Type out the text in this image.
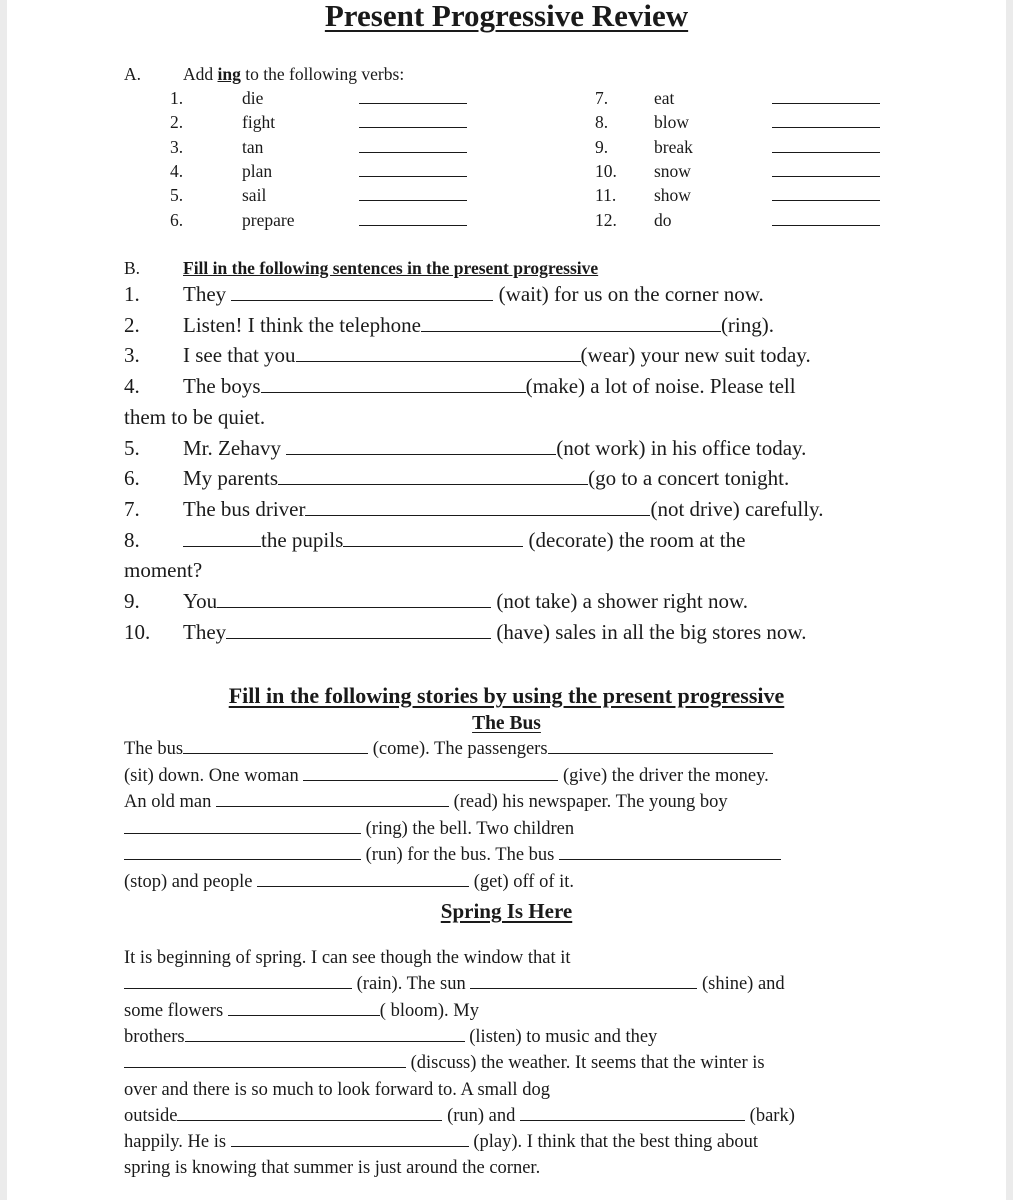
Present Progressive Review
A. Add ing to the following verbs:
1.	die
2.	fight
3.	tan
4.	plan
5.	sail
6.	prepare
7.	eat
8.	blow
9.	break
10. snow
11. show
12. do
B. Fill in the following sentences in the present progressive
1. They	(wait) for us on the corner now.
2. Listen! I think the telephone	(ring).
3. I see that you	(wear) your new suit today.
4. The boys	(make) a lot of noise. Please tell
them to be quiet.
5. Mr. Zehavy	(not work) in his office today.
6. My parents	(go to a concert tonight.
7. The bus driver	(not drive) carefully.
8.	the pupils	(decorate) the room at the
moment?
9. You	(not take) a shower right now.
10. They	(have) sales in all the big stores now.
Fill in the following stories by using the present progressive
The Bus
The bus	(come). The passengers
(sit) down. One woman	(give) the driver the money.
An old man	(read) his newspaper. The young boy
(ring) the bell. Two children
(run) for the bus. The bus
(stop) and people	(get) off of it.
Spring Is Here
It is beginning of spring. I can see though the window that it
(rain). The sun	(shine) and
some flowers	( bloom). My
brothers	(listen) to music and they
(discuss) the weather. It seems that the winter is
over and there is so much to look forward to. A small dog
outside	(run) and	(bark)
happily. He is	(play). I think that the best thing about
spring is knowing that summer is just around the corner.
